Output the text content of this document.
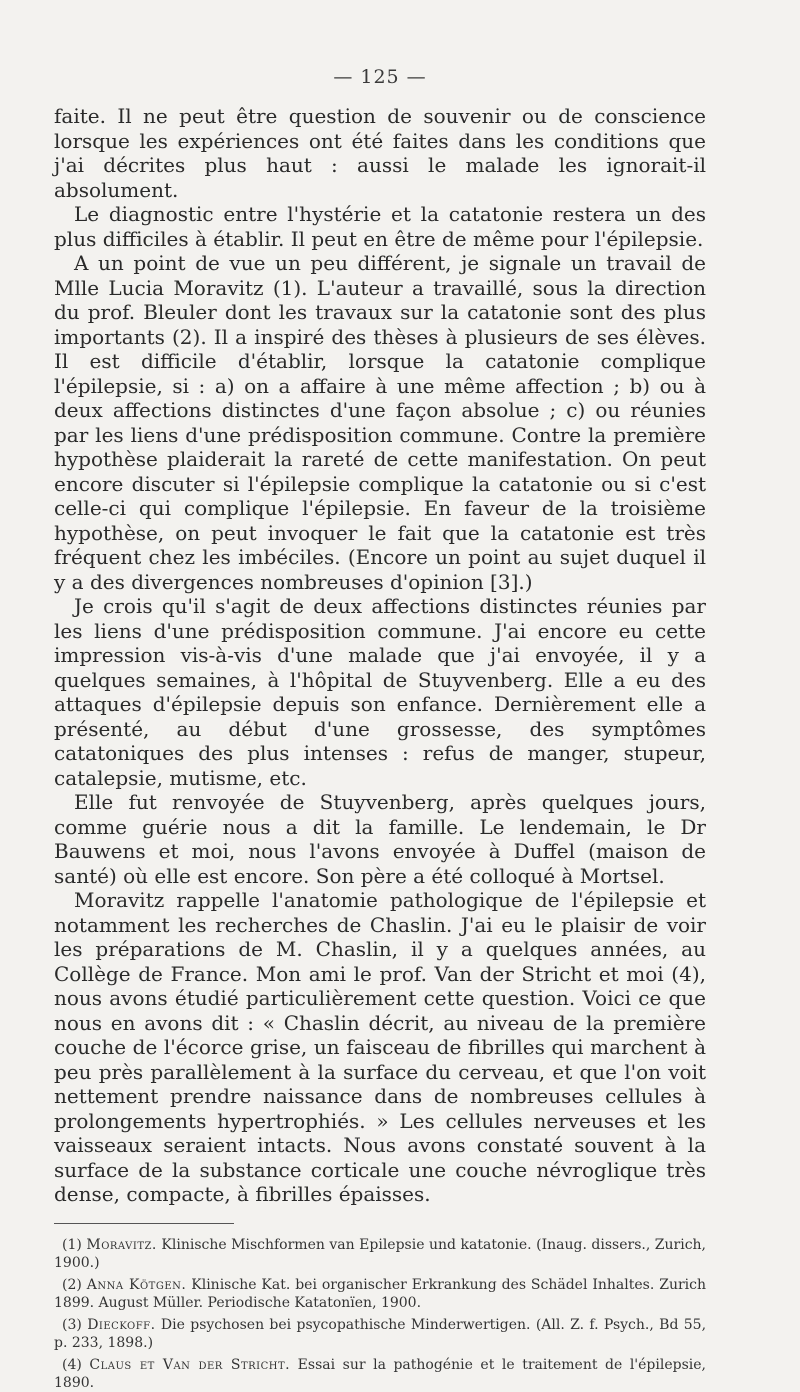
— 125 —

faite. Il ne peut être question de souvenir ou de conscience lorsque les expériences ont été faites dans les conditions que j'ai décrites plus haut : aussi le malade les ignorait-il absolument.

Le diagnostic entre l'hystérie et la catatonie restera un des plus difficiles à établir. Il peut en être de même pour l'épilepsie.

A un point de vue un peu différent, je signale un travail de Mlle Lucia Moravitz (1). L'auteur a travaillé, sous la direction du prof. Bleuler dont les travaux sur la catatonie sont des plus importants (2). Il a inspiré des thèses à plusieurs de ses élèves. Il est difficile d'établir, lorsque la catatonie complique l'épilepsie, si : a) on a affaire à une même affection ; b) ou à deux affections distinctes d'une façon absolue ; c) ou réunies par les liens d'une prédisposition commune. Contre la première hypothèse plaiderait la rareté de cette manifestation. On peut encore discuter si l'épilepsie complique la catatonie ou si c'est celle-ci qui complique l'épilepsie. En faveur de la troisième hypothèse, on peut invoquer le fait que la catatonie est très fréquent chez les imbéciles. (Encore un point au sujet duquel il y a des divergences nombreuses d'opinion [3].)

Je crois qu'il s'agit de deux affections distinctes réunies par les liens d'une prédisposition commune. J'ai encore eu cette impression vis-à-vis d'une malade que j'ai envoyée, il y a quelques semaines, à l'hôpital de Stuyvenberg. Elle a eu des attaques d'épilepsie depuis son enfance. Dernièrement elle a présenté, au début d'une grossesse, des symptômes catatoniques des plus intenses : refus de manger, stupeur, catalepsie, mutisme, etc.

Elle fut renvoyée de Stuyvenberg, après quelques jours, comme guérie nous a dit la famille. Le lendemain, le Dr Bauwens et moi, nous l'avons envoyée à Duffel (maison de santé) où elle est encore. Son père a été colloqué à Mortsel.

Moravitz rappelle l'anatomie pathologique de l'épilepsie et notamment les recherches de Chaslin. J'ai eu le plaisir de voir les préparations de M. Chaslin, il y a quelques années, au Collège de France. Mon ami le prof. Van der Stricht et moi (4), nous avons étudié particulièrement cette question. Voici ce que nous en avons dit : « Chaslin décrit, au niveau de la première couche de l'écorce grise, un faisceau de fibrilles qui marchent à peu près parallèlement à la surface du cerveau, et que l'on voit nettement prendre naissance dans de nombreuses cellules à prolongements hypertrophiés. » Les cellules nerveuses et les vaisseaux seraient intacts. Nous avons constaté souvent à la surface de la substance corticale une couche névroglique très dense, compacte, à fibrilles épaisses.

(1) Moravitz. Klinische Mischformen van Epilepsie und katatonie. (Inaug. dissers., Zurich, 1900.)

(2) Anna Kötgen. Klinische Kat. bei organischer Erkrankung des Schädel Inhaltes. Zurich 1899. August Müller. Periodische Katatonïen, 1900.

(3) Dieckoff. Die psychosen bei psycopathische Minderwertigen. (All. Z. f. Psych., Bd 55, p. 233, 1898.)

(4) Claus et Van der Stricht. Essai sur la pathogénie et le traitement de l'épilepsie, 1890.
